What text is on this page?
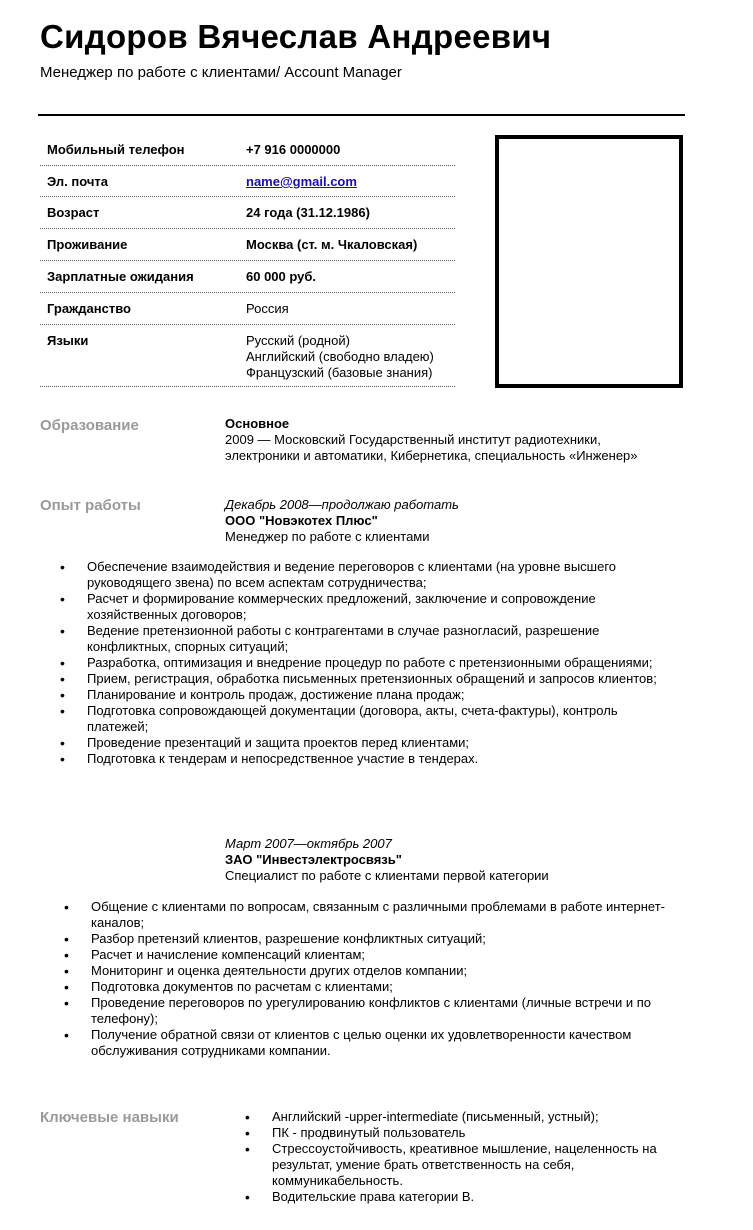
Сидоров Вячеслав Андреевич
Менеджер по работе с клиентами/ Account Manager
Мобильный телефон	+7 916 0000000
Эл. почта	name@gmail.com
Возраст	24 года (31.12.1986)
Проживание	Москва (ст. м. Чкаловская)
Зарплатные ожидания	60 000 руб.
Гражданство	Россия
Языки	Русский (родной)
Английский (свободно владею)
Французский (базовые знания)
Образование	Основное
2009 — Московский Государственный институт радиотехники,
электроники и автоматики, Кибернетика, специальность «Инженер»
Опыт работы	Декабрь 2008—продолжаю работать
ООО "Новэкотех Плюс"
Менеджер по работе с клиентами
• Обеспечение взаимодействия и ведение переговоров с клиентами (на уровне высшего руководящего звена) по всем аспектам сотрудничества;
• Расчет и формирование коммерческих предложений, заключение и сопровождение хозяйственных договоров;
• Ведение претензионной работы с контрагентами в случае разногласий, разрешение конфликтных, спорных ситуаций;
• Разработка, оптимизация и внедрение процедур по работе с претензионными обращениями;
• Прием, регистрация, обработка письменных претензионных обращений и запросов клиентов;
• Планирование и контроль продаж, достижение плана продаж;
• Подготовка сопровождающей документации (договора, акты, счета-фактуры), контроль платежей;
• Проведение презентаций и защита проектов перед клиентами;
• Подготовка к тендерам и непосредственное участие в тендерах.
Март 2007—октябрь 2007
ЗАО "Инвестэлектросвязь"
Специалист по работе с клиентами первой категории
• Общение с клиентами по вопросам, связанным с различными проблемами в работе интернет-каналов;
• Разбор претензий клиентов, разрешение конфликтных ситуаций;
• Расчет и начисление компенсаций клиентам;
• Мониторинг и оценка деятельности других отделов компании;
• Подготовка документов по расчетам с клиентами;
• Проведение переговоров по урегулированию конфликтов с клиентами (личные встречи и по телефону);
• Получение обратной связи от клиентов с целью оценки их удовлетворенности качеством обслуживания сотрудниками компании.
Ключевые навыки
•	Английский -upper-intermediate (письменный, устный);
• ПК - продвинутый пользователь
• Стрессоустойчивость, креативное мышление, нацеленность на результат, умение брать ответственность на себя, коммуникабельность.
• Водительские права категории В.
